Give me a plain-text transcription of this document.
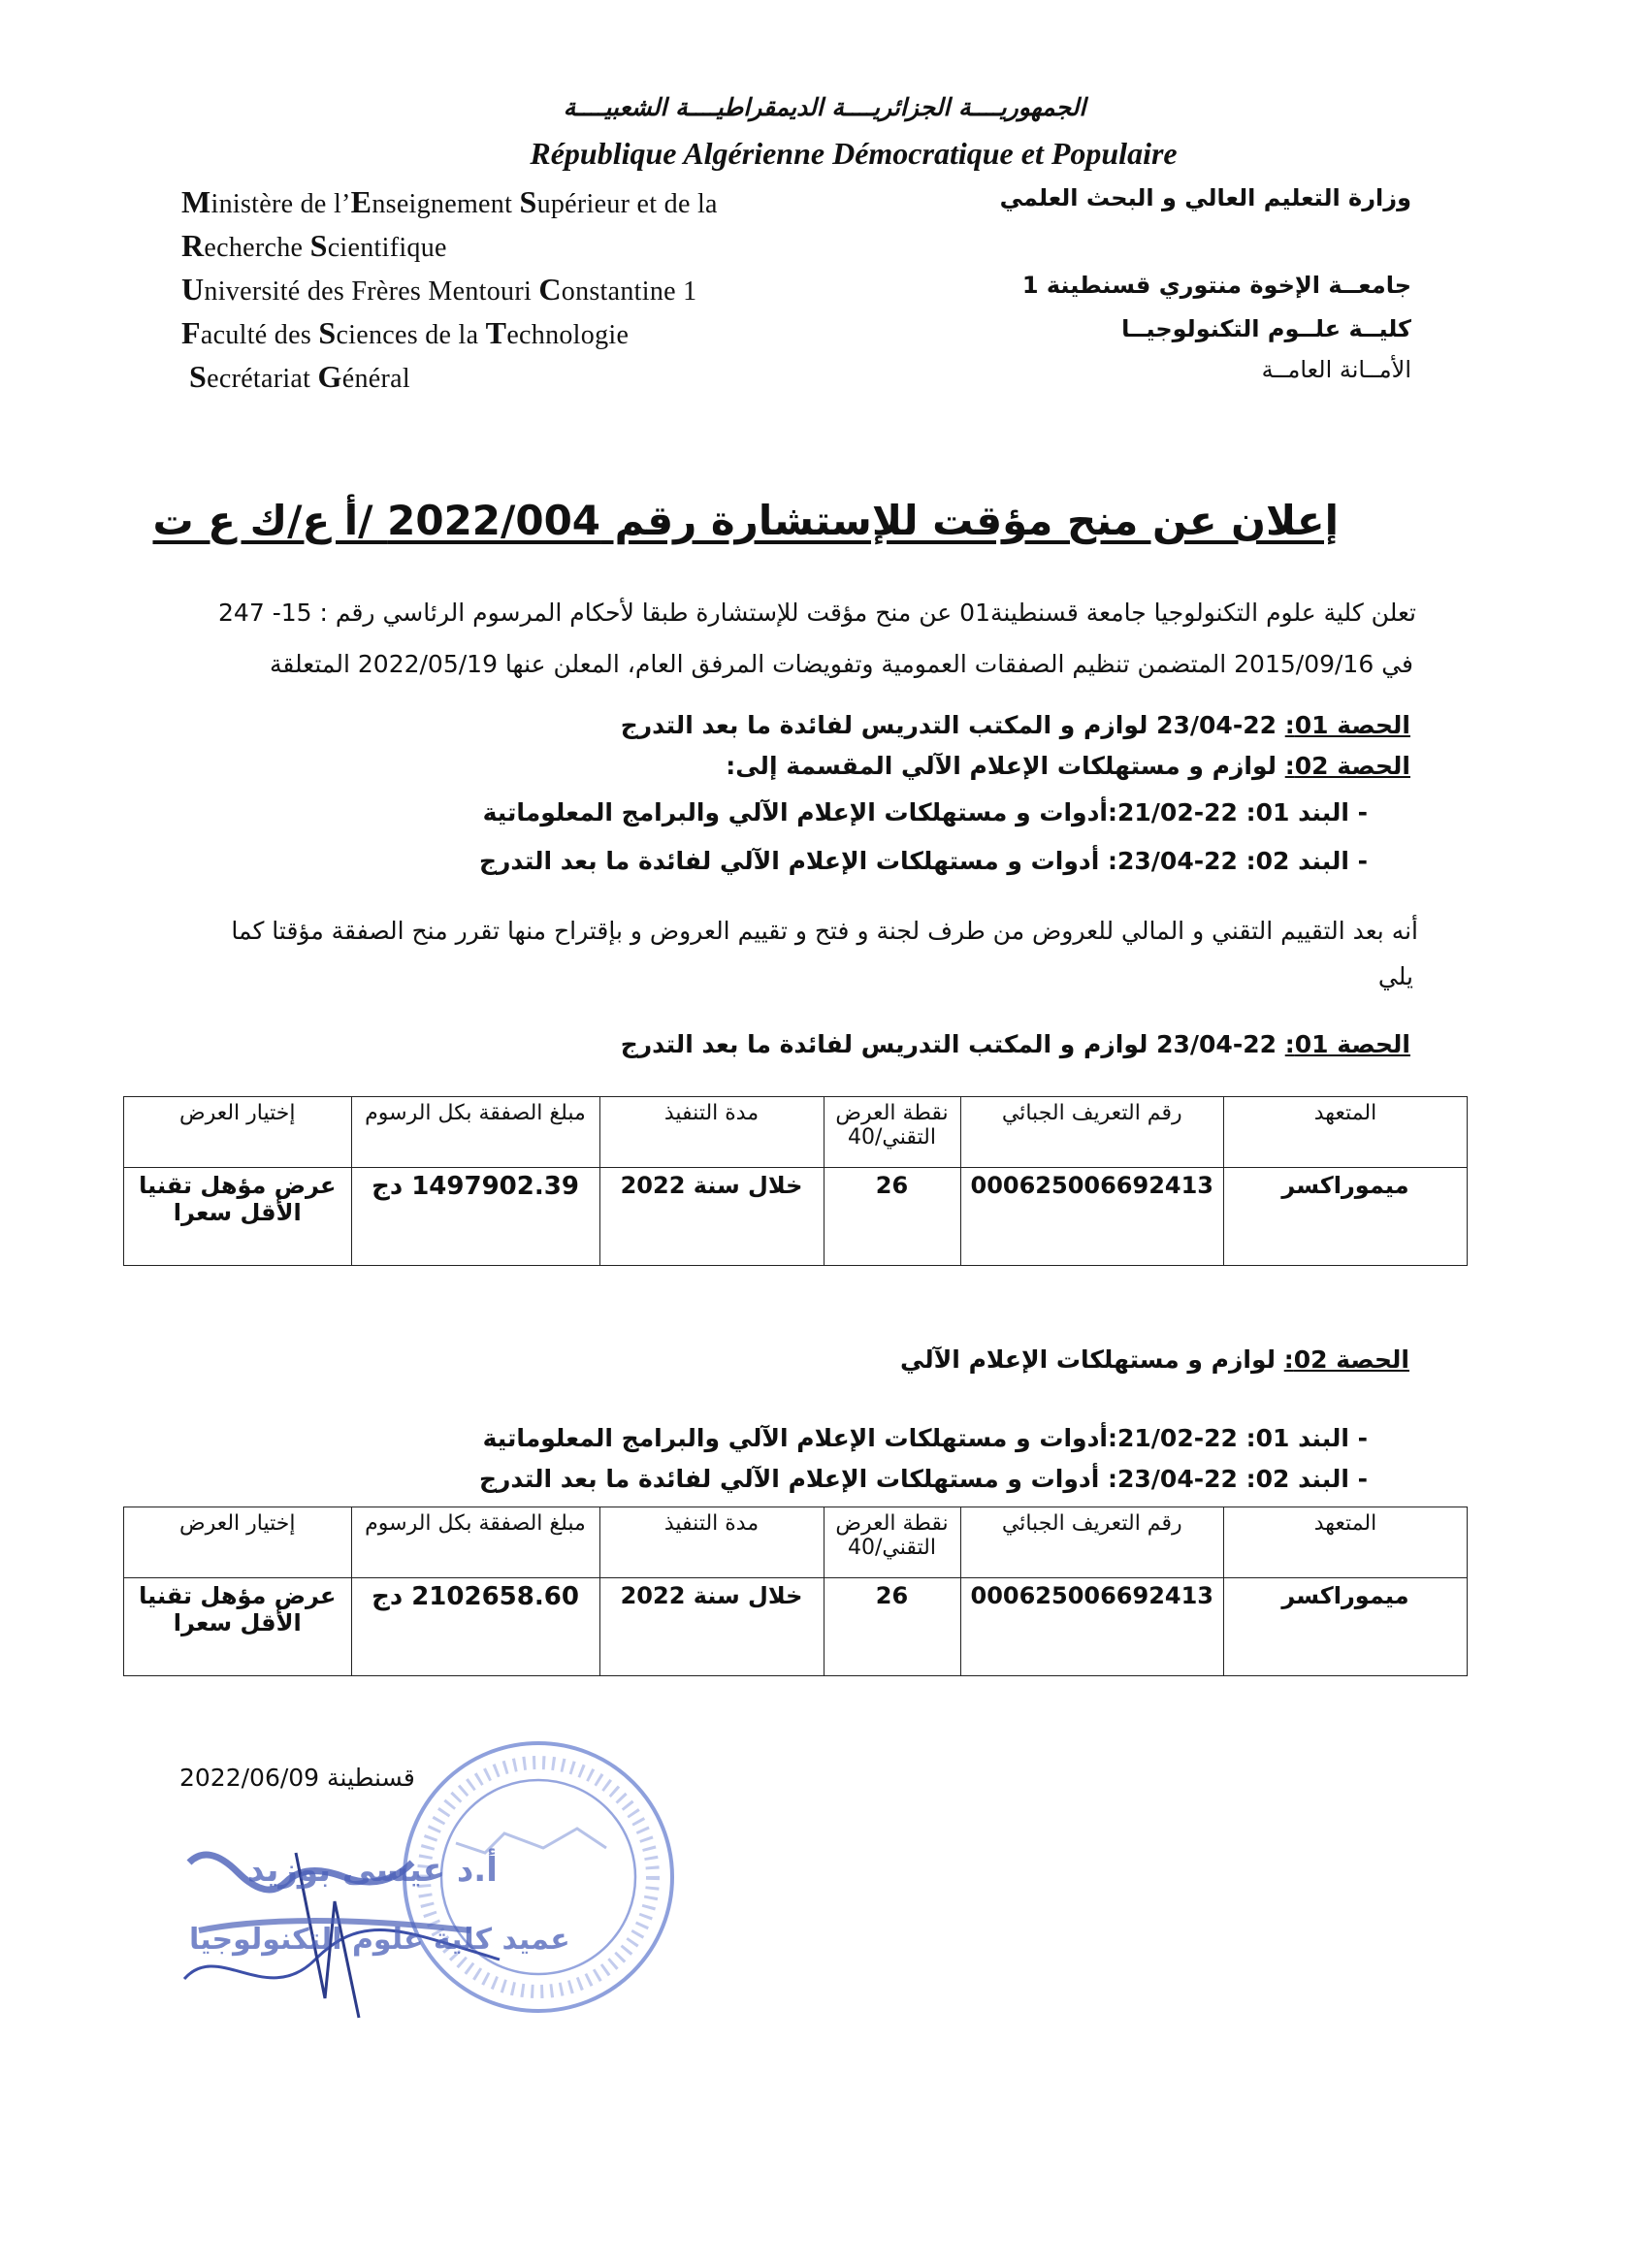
الجمهوريــــة الجزائريــــة الديمقراطيــــة الشعبيــــة
République Algérienne Démocratique et Populaire
Ministère de l’Enseignement Supérieur et de la
Recherche Scientifique
Université des Frères Mentouri Constantine 1
Faculté des Sciences de la Technologie
Secrétariat Général
وزارة التعليم العالي و البحث العلمي
جامعــة الإخوة منتوري قسنطينة 1
كليــة علــوم التكنولوجيــا
الأمــانة العامــة
إعلان عن منح مؤقت للإستشارة رقم 2022/004 /أ ع/ك ع ت
تعلن كلية علوم التكنولوجيا جامعة قسنطينة01 عن منح مؤقت للإستشارة طبقا لأحكام المرسوم الرئاسي رقم : 15- 247
في 2015/09/16 المتضمن تنظيم الصفقات العمومية وتفويضات المرفق العام، المعلن عنها 2022/05/19 المتعلقة
الحصة 01: 22-23/04 لوازم و المكتب التدريس لفائدة ما بعد التدرج
الحصة 02: لوازم و مستهلكات الإعلام الآلي المقسمة إلى:
- البند 01: 22-21/02:أدوات و مستهلكات الإعلام الآلي والبرامج المعلوماتية
- البند 02: 22-23/04: أدوات و مستهلكات الإعلام الآلي لفائدة ما بعد التدرج
أنه بعد التقييم التقني و المالي للعروض من طرف لجنة و فتح و تقييم العروض و بإقتراح منها تقرر منح الصفقة مؤقتا كما
يلي
الحصة 01: 22-23/04 لوازم و المكتب التدريس لفائدة ما بعد التدرج
المتعهد	رقم التعريف الجبائي	نقطة العرض التقني/40	مدة التنفيذ	مبلغ الصفقة بكل الرسوم	إختيار العرض
ميموراكسر	000625006692413	26	خلال سنة 2022	1497902.39 دج	عرض مؤهل تقنيا الأقل سعرا
الحصة 02: لوازم و مستهلكات الإعلام الآلي
- البند 01: 22-21/02:أدوات و مستهلكات الإعلام الآلي والبرامج المعلوماتية
- البند 02: 22-23/04: أدوات و مستهلكات الإعلام الآلي لفائدة ما بعد التدرج
المتعهد	رقم التعريف الجبائي	نقطة العرض التقني/40	مدة التنفيذ	مبلغ الصفقة بكل الرسوم	إختيار العرض
ميموراكسر	000625006692413	26	خلال سنة 2022	2102658.60 دج	عرض مؤهل تقنيا الأقل سعرا
قسنطينة 2022/06/09
أ.د عيسى بوزيد
عميد كلية علوم التكنولوجيا
